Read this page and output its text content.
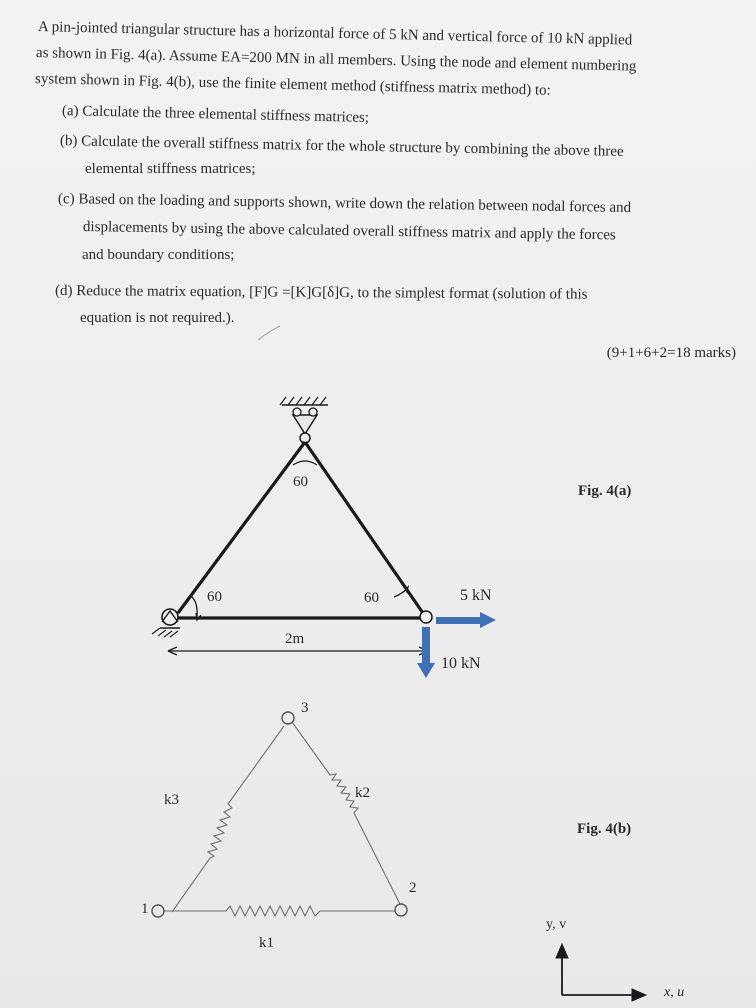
A pin-jointed triangular structure has a horizontal force of 5 kN and vertical force of 10 kN applied
as shown in Fig. 4(a). Assume EA=200 MN in all members. Using the node and element numbering
system shown in Fig. 4(b), use the finite element method (stiffness matrix method) to:
(a) Calculate the three elemental stiffness matrices;
(b) Calculate the overall stiffness matrix for the whole structure by combining the above three
elemental stiffness matrices;
(c) Based on the loading and supports shown, write down the relation between nodal forces and
displacements by using the above calculated overall stiffness matrix and apply the forces
and boundary conditions;
(d) Reduce the matrix equation, [F]G =[K]G[δ]G, to the simplest format (solution of this
equation is not required.).
(9+1+6+2=18 marks)
60
60	60
2m
5 kN
10 kN
Fig. 4(a)
3
1
2
k1
k2
k3
Fig. 4(b)
y, v
x, u
